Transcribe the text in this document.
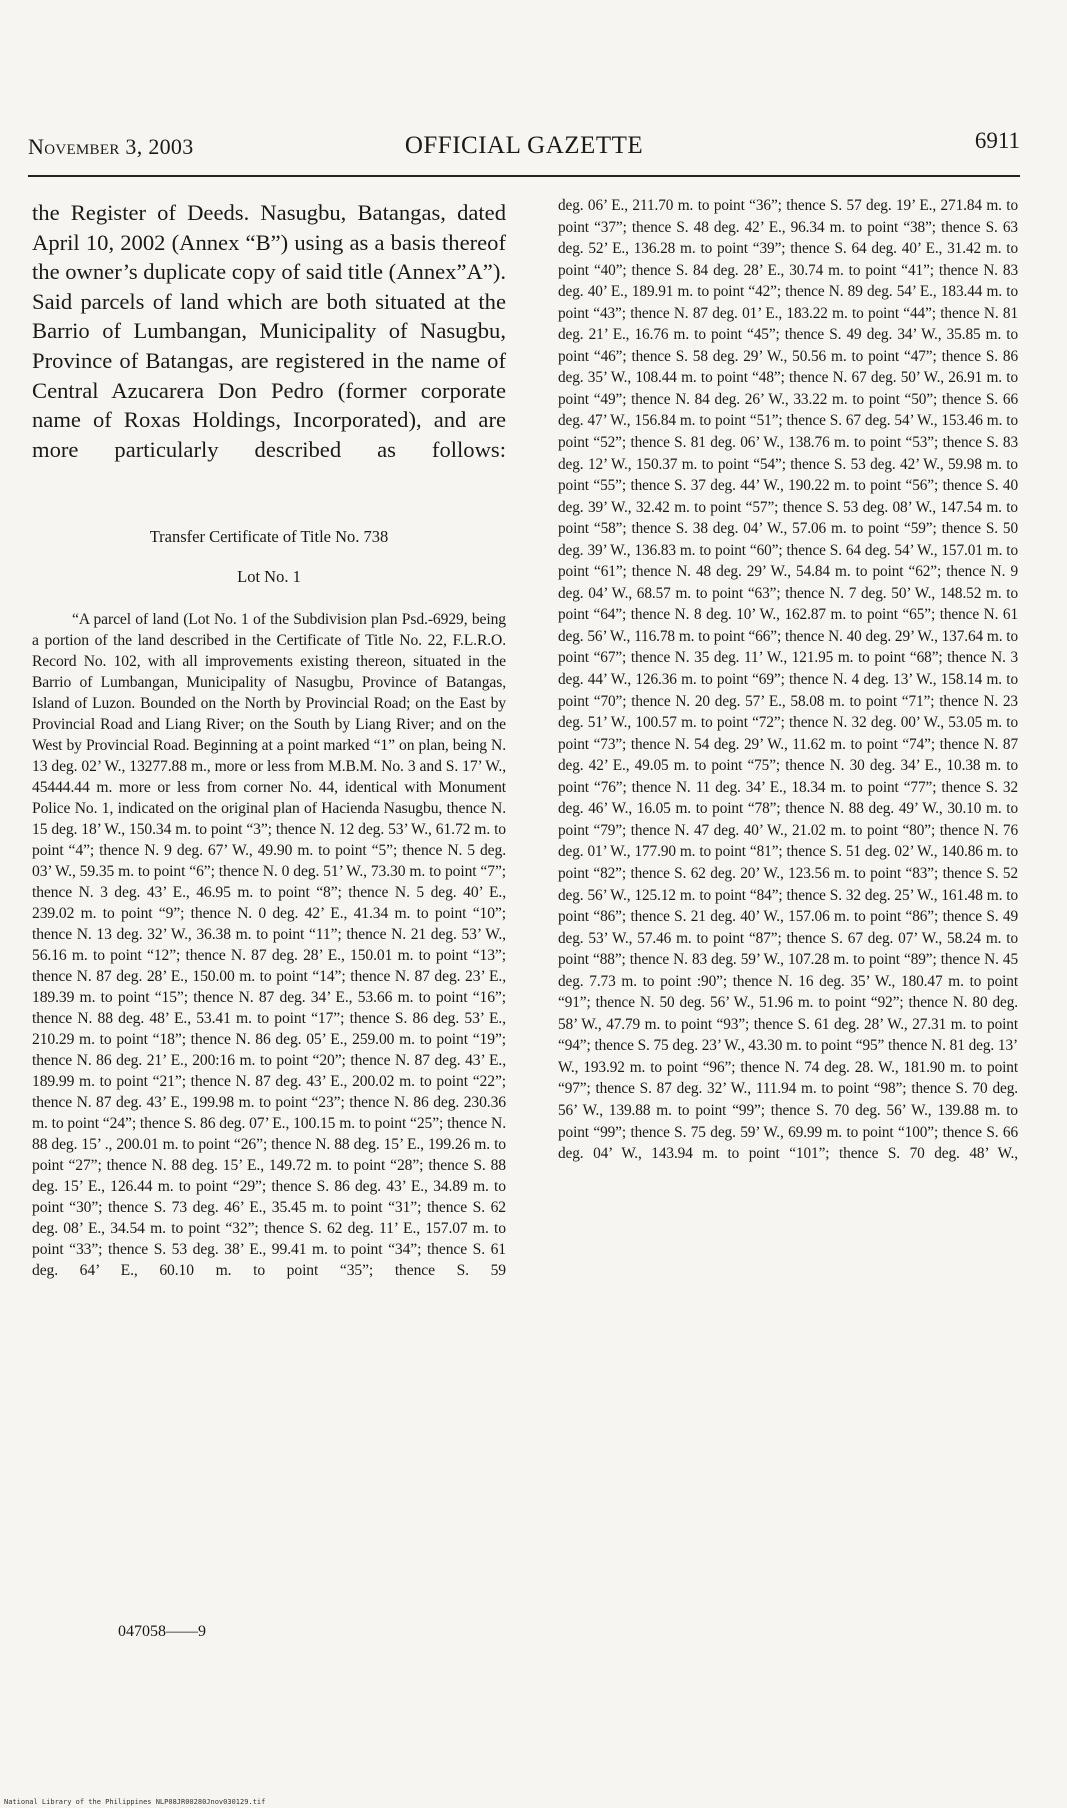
November 3, 2003	OFFICIAL GAZETTE	6911

the Register of Deeds. Nasugbu, Batangas, dated April 10, 2002 (Annex “B”) using as a basis thereof the owner’s duplicate copy of said title (Annex”A”). Said parcels of land which are both situated at the Barrio of Lumbangan, Municipality of Nasugbu, Province of Batangas, are registered in the name of Central Azucarera Don Pedro (former corporate name of Roxas Holdings, Incorporated), and are more particularly described as follows:

Transfer Certificate of Title No. 738

Lot No. 1

“A parcel of land (Lot No. 1 of the Subdivision plan Psd.-6929, being a portion of the land described in the Certificate of Title No. 22, F.L.R.O. Record No. 102, with all improvements existing thereon, situated in the Barrio of Lumbangan, Municipality of Nasugbu, Province of Batangas, Island of Luzon. Bounded on the North by Provincial Road; on the East by Provincial Road and Liang River; on the South by Liang River; and on the West by Provincial Road. Beginning at a point marked “1” on plan, being N. 13 deg. 02’ W., 13277.88 m., more or less from M.B.M. No. 3 and S. 17’ W., 45444.44 m. more or less from corner No. 44, identical with Monument Police No. 1, indicated on the original plan of Hacienda Nasugbu, thence N. 15 deg. 18’ W., 150.34 m. to point “3”; thence N. 12 deg. 53’ W., 61.72 m. to point “4”; thence N. 9 deg. 67’ W., 49.90 m. to point “5”; thence N. 5 deg. 03’ W., 59.35 m. to point “6”; thence N. 0 deg. 51’ W., 73.30 m. to point “7”; thence N. 3 deg. 43’ E., 46.95 m. to point “8”; thence N. 5 deg. 40’ E., 239.02 m. to point “9”; thence N. 0 deg. 42’ E., 41.34 m. to point “10”; thence N. 13 deg. 32’ W., 36.38 m. to point “11”; thence N. 21 deg. 53’ W., 56.16 m. to point “12”; thence N. 87 deg. 28’ E., 150.01 m. to point “13”; thence N. 87 deg. 28’ E., 150.00 m. to point “14”; thence N. 87 deg. 23’ E., 189.39 m. to point “15”; thence N. 87 deg. 34’ E., 53.66 m. to point “16”; thence N. 88 deg. 48’ E., 53.41 m. to point “17”; thence S. 86 deg. 53’ E., 210.29 m. to point “18”; thence N. 86 deg. 05’ E., 259.00 m. to point “19”; thence N. 86 deg. 21’ E., 200:16 m. to point “20”; thence N. 87 deg. 43’ E., 189.99 m. to point “21”; thence N. 87 deg. 43’ E., 200.02 m. to point “22”; thence N. 87 deg. 43’ E., 199.98 m. to point “23”; thence N. 86 deg. 230.36 m. to point “24”; thence S. 86 deg. 07’ E., 100.15 m. to point “25”; thence N. 88 deg. 15’ ., 200.01 m. to point “26”; thence N. 88 deg. 15’ E., 199.26 m. to point “27”; thence N. 88 deg. 15’ E., 149.72 m. to point “28”; thence S. 88 deg. 15’ E., 126.44 m. to point “29”; thence S. 86 deg. 43’ E., 34.89 m. to point “30”; thence S. 73 deg. 46’ E., 35.45 m. to point “31”; thence S. 62 deg. 08’ E., 34.54 m. to point “32”; thence S. 62 deg. 11’ E., 157.07 m. to point “33”; thence S. 53 deg. 38’ E., 99.41 m. to point “34”; thence S. 61 deg. 64’ E., 60.10 m. to point “35”; thence S. 59

047058——9

deg. 06’ E., 211.70 m. to point “36”; thence S. 57 deg. 19’ E., 271.84 m. to point “37”; thence S. 48 deg. 42’ E., 96.34 m. to point “38”; thence S. 63 deg. 52’ E., 136.28 m. to point “39”; thence S. 64 deg. 40’ E., 31.42 m. to point “40”; thence S. 84 deg. 28’ E., 30.74 m. to point “41”; thence N. 83 deg. 40’ E., 189.91 m. to point “42”; thence N. 89 deg. 54’ E., 183.44 m. to point “43”; thence N. 87 deg. 01’ E., 183.22 m. to point “44”; thence N. 81 deg. 21’ E., 16.76 m. to point “45”; thence S. 49 deg. 34’ W., 35.85 m. to point “46”; thence S. 58 deg. 29’ W., 50.56 m. to point “47”; thence S. 86 deg. 35’ W., 108.44 m. to point “48”; thence N. 67 deg. 50’ W., 26.91 m. to point “49”; thence N. 84 deg. 26’ W., 33.22 m. to point “50”; thence S. 66 deg. 47’ W., 156.84 m. to point “51”; thence S. 67 deg. 54’ W., 153.46 m. to point “52”; thence S. 81 deg. 06’ W., 138.76 m. to point “53”; thence S. 83 deg. 12’ W., 150.37 m. to point “54”; thence S. 53 deg. 42’ W., 59.98 m. to point “55”; thence S. 37 deg. 44’ W., 190.22 m. to point “56”; thence S. 40 deg. 39’ W., 32.42 m. to point “57”; thence S. 53 deg. 08’ W., 147.54 m. to point “58”; thence S. 38 deg. 04’ W., 57.06 m. to point “59”; thence S. 50 deg. 39’ W., 136.83 m. to point “60”; thence S. 64 deg. 54’ W., 157.01 m. to point “61”; thence N. 48 deg. 29’ W., 54.84 m. to point “62”; thence N. 9 deg. 04’ W., 68.57 m. to point “63”; thence N. 7 deg. 50’ W., 148.52 m. to point “64”; thence N. 8 deg. 10’ W., 162.87 m. to point “65”; thence N. 61 deg. 56’ W., 116.78 m. to point “66”; thence N. 40 deg. 29’ W., 137.64 m. to point “67”; thence N. 35 deg. 11’ W., 121.95 m. to point “68”; thence N. 3 deg. 44’ W., 126.36 m. to point “69”; thence N. 4 deg. 13’ W., 158.14 m. to point “70”; thence N. 20 deg. 57’ E., 58.08 m. to point “71”; thence N. 23 deg. 51’ W., 100.57 m. to point “72”; thence N. 32 deg. 00’ W., 53.05 m. to point “73”; thence N. 54 deg. 29’ W., 11.62 m. to point “74”; thence N. 87 deg. 42’ E., 49.05 m. to point “75”; thence N. 30 deg. 34’ E., 10.38 m. to point “76”; thence N. 11 deg. 34’ E., 18.34 m. to point “77”; thence S. 32 deg. 46’ W., 16.05 m. to point “78”; thence N. 88 deg. 49’ W., 30.10 m. to point “79”; thence N. 47 deg. 40’ W., 21.02 m. to point “80”; thence N. 76 deg. 01’ W., 177.90 m. to point “81”; thence S. 51 deg. 02’ W., 140.86 m. to point “82”; thence S. 62 deg. 20’ W., 123.56 m. to point “83”; thence S. 52 deg. 56’ W., 125.12 m. to point “84”; thence S. 32 deg. 25’ W., 161.48 m. to point “86”; thence S. 21 deg. 40’ W., 157.06 m. to point “86”; thence S. 49 deg. 53’ W., 57.46 m. to point “87”; thence S. 67 deg. 07’ W., 58.24 m. to point “88”; thence N. 83 deg. 59’ W., 107.28 m. to point “89”; thence N. 45 deg. 7.73 m. to point :90”; thence N. 16 deg. 35’ W., 180.47 m. to point “91”; thence N. 50 deg. 56’ W., 51.96 m. to point “92”; thence N. 80 deg. 58’ W., 47.79 m. to point “93”; thence S. 61 deg. 28’ W., 27.31 m. to point “94”; thence S. 75 deg. 23’ W., 43.30 m. to point “95” thence N. 81 deg. 13’ W., 193.92 m. to point “96”; thence N. 74 deg. 28. W., 181.90 m. to point “97”; thence S. 87 deg. 32’ W., 111.94 m. to point “98”; thence S. 70 deg. 56’ W., 139.88 m. to point “99”; thence S. 70 deg. 56’ W., 139.88 m. to point “99”; thence S. 75 deg. 59’ W., 69.99 m. to point “100”; thence S. 66 deg. 04’ W., 143.94 m. to point “101”; thence S. 70 deg. 48’ W.,

National Library of the Philippines NLP08JR00280Jnov030129.tif
